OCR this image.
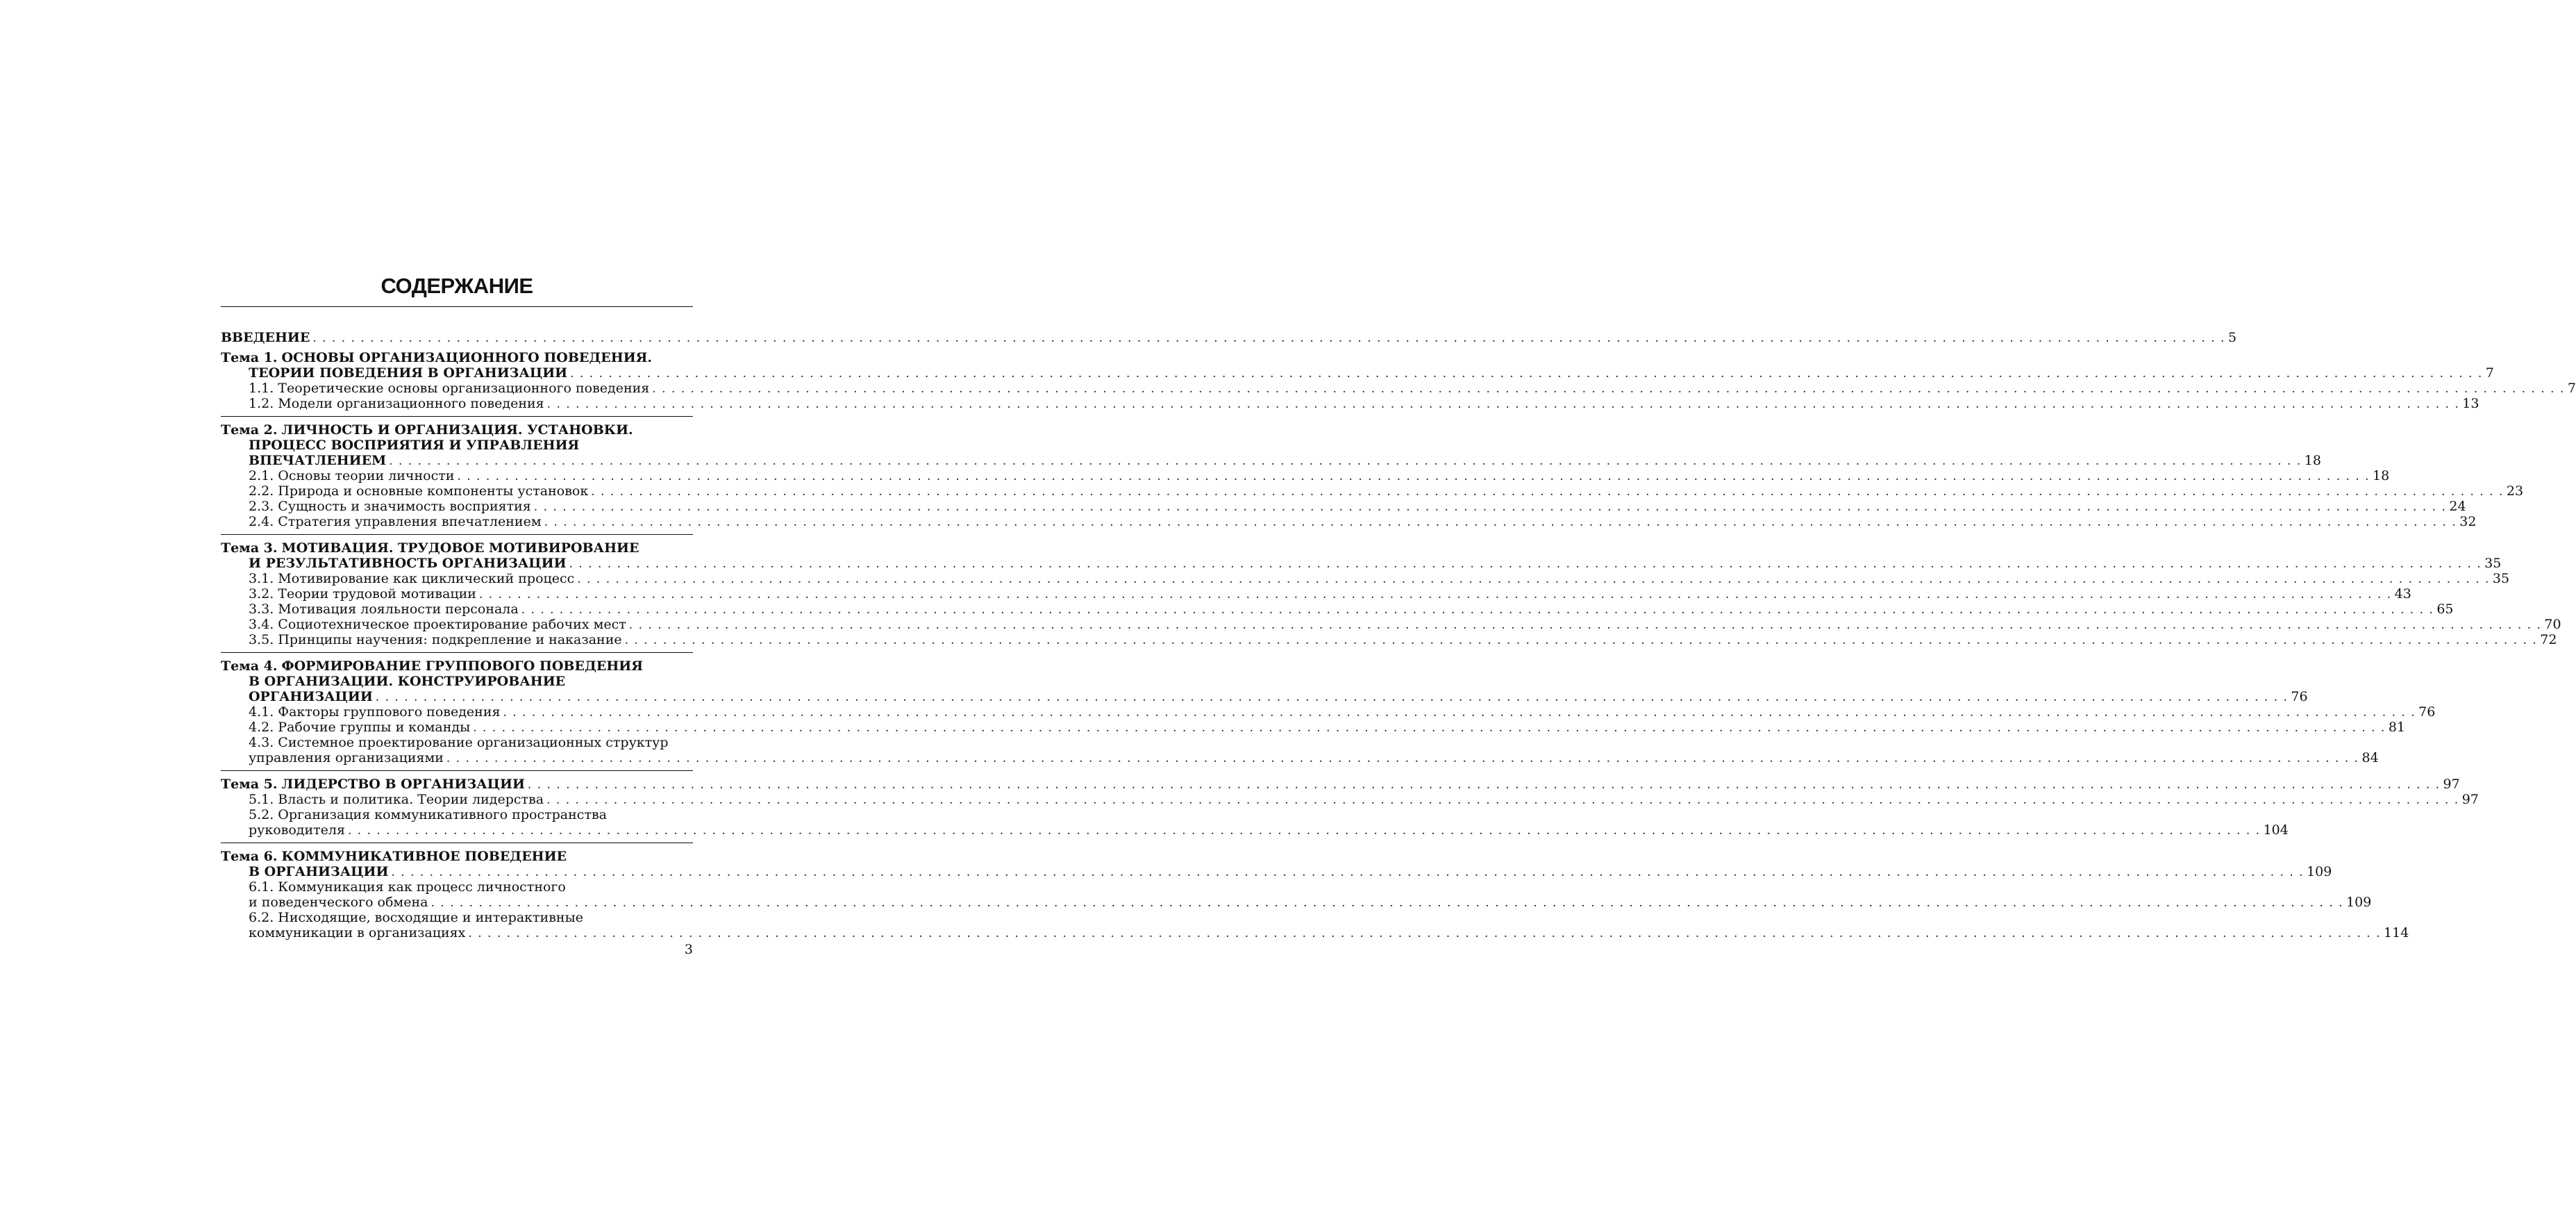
СОДЕРЖАНИЕ
ВВЕДЕНИЕ . . . . . . . . . . . . . . . . . . . . . . . . . . . . . . . . . . . . . . . . . . . . . . . . . . . . . . . . . . . . . . . . . . . . . . . . . . . . . . . . . . . . . . . . . . . . . . . . . . . . . . . . . . . . . . . . . . . . . . . . . . . . . . . . . . . . . . . . . . . . . . . . . . . . . . . . . . . . . . . . . . . . . . . . . . . . . . . . . . . . . . . . . . . . . . . . . . . . . . . . 5
Тема 1.
ОСНОВЫ ОРГАНИЗАЦИОННОГО ПОВЕДЕНИЯ.
ТЕОРИИ ПОВЕДЕНИЯ В ОРГАНИЗАЦИИ . . . . . . . . . . . . . . . . . . . . . . . . . . . . . . . . . . . . . . . . . . . . . . . . . . . . . . . . . . . . . . . . . . . . . . . . . . . . . . . . . . . . . . . . . . . . . . . . . . . . . . . . . . . . . . . . . . . . . . . . . . . . . . . . . . . . . . . . . . . . . . . . . . . . . . . . . . . . . . . . . . . . . . . . . . . . . . . . . . . . . . . . . . . . . . . . . . . . . . . . 7
1.1. Теоретические основы организационного поведения . . . . . . . . . . . . . . . . . . . . . . . . . . . . . . . . . . . . . . . . . . . . . . . . . . . . . . . . . . . . . . . . . . . . . . . . . . . . . . . . . . . . . . . . . . . . . . . . . . . . . . . . . . . . . . . . . . . . . . . . . . . . . . . . . . . . . . . . . . . . . . . . . . . . . . . . . . . . . . . . . . . . . . . . . . . . . . . . . . . . . . . . . . . . . . . . . . . . . . . . 7
1.2. Модели организационного поведения . . . . . . . . . . . . . . . . . . . . . . . . . . . . . . . . . . . . . . . . . . . . . . . . . . . . . . . . . . . . . . . . . . . . . . . . . . . . . . . . . . . . . . . . . . . . . . . . . . . . . . . . . . . . . . . . . . . . . . . . . . . . . . . . . . . . . . . . . . . . . . . . . . . . . . . . . . . . . . . . . . . . . . . . . . . . . . . . . . . . . . . . . . . . . . . . . . . . . . . . 13
Тема 2.
ЛИЧНОСТЬ И ОРГАНИЗАЦИЯ. УСТАНОВКИ.
ПРОЦЕСС ВОСПРИЯТИЯ И УПРАВЛЕНИЯ
ВПЕЧАТЛЕНИЕМ . . . . . . . . . . . . . . . . . . . . . . . . . . . . . . . . . . . . . . . . . . . . . . . . . . . . . . . . . . . . . . . . . . . . . . . . . . . . . . . . . . . . . . . . . . . . . . . . . . . . . . . . . . . . . . . . . . . . . . . . . . . . . . . . . . . . . . . . . . . . . . . . . . . . . . . . . . . . . . . . . . . . . . . . . . . . . . . . . . . . . . . . . . . . . . . . . . . . . . . . 18
2.1. Основы теории личности . . . . . . . . . . . . . . . . . . . . . . . . . . . . . . . . . . . . . . . . . . . . . . . . . . . . . . . . . . . . . . . . . . . . . . . . . . . . . . . . . . . . . . . . . . . . . . . . . . . . . . . . . . . . . . . . . . . . . . . . . . . . . . . . . . . . . . . . . . . . . . . . . . . . . . . . . . . . . . . . . . . . . . . . . . . . . . . . . . . . . . . . . . . . . . . . . . . . . . . . 18
2.2. Природа и основные компоненты установок . . . . . . . . . . . . . . . . . . . . . . . . . . . . . . . . . . . . . . . . . . . . . . . . . . . . . . . . . . . . . . . . . . . . . . . . . . . . . . . . . . . . . . . . . . . . . . . . . . . . . . . . . . . . . . . . . . . . . . . . . . . . . . . . . . . . . . . . . . . . . . . . . . . . . . . . . . . . . . . . . . . . . . . . . . . . . . . . . . . . . . . . . . . . . . . . . . . . . . . . 23
2.3. Сущность и значимость восприятия . . . . . . . . . . . . . . . . . . . . . . . . . . . . . . . . . . . . . . . . . . . . . . . . . . . . . . . . . . . . . . . . . . . . . . . . . . . . . . . . . . . . . . . . . . . . . . . . . . . . . . . . . . . . . . . . . . . . . . . . . . . . . . . . . . . . . . . . . . . . . . . . . . . . . . . . . . . . . . . . . . . . . . . . . . . . . . . . . . . . . . . . . . . . . . . . . . . . . . . . 24
2.4. Стратегия управления впечатлением . . . . . . . . . . . . . . . . . . . . . . . . . . . . . . . . . . . . . . . . . . . . . . . . . . . . . . . . . . . . . . . . . . . . . . . . . . . . . . . . . . . . . . . . . . . . . . . . . . . . . . . . . . . . . . . . . . . . . . . . . . . . . . . . . . . . . . . . . . . . . . . . . . . . . . . . . . . . . . . . . . . . . . . . . . . . . . . . . . . . . . . . . . . . . . . . . . . . . . . . 32
Тема 3.
МОТИВАЦИЯ. ТРУДОВОЕ МОТИВИРОВАНИЕ
И РЕЗУЛЬТАТИВНОСТЬ ОРГАНИЗАЦИИ . . . . . . . . . . . . . . . . . . . . . . . . . . . . . . . . . . . . . . . . . . . . . . . . . . . . . . . . . . . . . . . . . . . . . . . . . . . . . . . . . . . . . . . . . . . . . . . . . . . . . . . . . . . . . . . . . . . . . . . . . . . . . . . . . . . . . . . . . . . . . . . . . . . . . . . . . . . . . . . . . . . . . . . . . . . . . . . . . . . . . . . . . . . . . . . . . . . . . . . . 35
3.1. Мотивирование как циклический процесс . . . . . . . . . . . . . . . . . . . . . . . . . . . . . . . . . . . . . . . . . . . . . . . . . . . . . . . . . . . . . . . . . . . . . . . . . . . . . . . . . . . . . . . . . . . . . . . . . . . . . . . . . . . . . . . . . . . . . . . . . . . . . . . . . . . . . . . . . . . . . . . . . . . . . . . . . . . . . . . . . . . . . . . . . . . . . . . . . . . . . . . . . . . . . . . . . . . . . . . . 35
3.2. Теории трудовой мотивации . . . . . . . . . . . . . . . . . . . . . . . . . . . . . . . . . . . . . . . . . . . . . . . . . . . . . . . . . . . . . . . . . . . . . . . . . . . . . . . . . . . . . . . . . . . . . . . . . . . . . . . . . . . . . . . . . . . . . . . . . . . . . . . . . . . . . . . . . . . . . . . . . . . . . . . . . . . . . . . . . . . . . . . . . . . . . . . . . . . . . . . . . . . . . . . . . . . . . . . . 43
3.3. Мотивация лояльности персонала . . . . . . . . . . . . . . . . . . . . . . . . . . . . . . . . . . . . . . . . . . . . . . . . . . . . . . . . . . . . . . . . . . . . . . . . . . . . . . . . . . . . . . . . . . . . . . . . . . . . . . . . . . . . . . . . . . . . . . . . . . . . . . . . . . . . . . . . . . . . . . . . . . . . . . . . . . . . . . . . . . . . . . . . . . . . . . . . . . . . . . . . . . . . . . . . . . . . . . . . 65
3.4. Социотехническое проектирование рабочих мест . . . . . . . . . . . . . . . . . . . . . . . . . . . . . . . . . . . . . . . . . . . . . . . . . . . . . . . . . . . . . . . . . . . . . . . . . . . . . . . . . . . . . . . . . . . . . . . . . . . . . . . . . . . . . . . . . . . . . . . . . . . . . . . . . . . . . . . . . . . . . . . . . . . . . . . . . . . . . . . . . . . . . . . . . . . . . . . . . . . . . . . . . . . . . . . . . . . . . . . . 70
3.5. Принципы научения: подкрепление и наказание . . . . . . . . . . . . . . . . . . . . . . . . . . . . . . . . . . . . . . . . . . . . . . . . . . . . . . . . . . . . . . . . . . . . . . . . . . . . . . . . . . . . . . . . . . . . . . . . . . . . . . . . . . . . . . . . . . . . . . . . . . . . . . . . . . . . . . . . . . . . . . . . . . . . . . . . . . . . . . . . . . . . . . . . . . . . . . . . . . . . . . . . . . . . . . . . . . . . . . . . 72
Тема 4.
ФОРМИРОВАНИЕ ГРУППОВОГО ПОВЕДЕНИЯ
В ОРГАНИЗАЦИИ. КОНСТРУИРОВАНИЕ
ОРГАНИЗАЦИИ . . . . . . . . . . . . . . . . . . . . . . . . . . . . . . . . . . . . . . . . . . . . . . . . . . . . . . . . . . . . . . . . . . . . . . . . . . . . . . . . . . . . . . . . . . . . . . . . . . . . . . . . . . . . . . . . . . . . . . . . . . . . . . . . . . . . . . . . . . . . . . . . . . . . . . . . . . . . . . . . . . . . . . . . . . . . . . . . . . . . . . . . . . . . . . . . . . . . . . . . 76
4.1. Факторы группового поведения . . . . . . . . . . . . . . . . . . . . . . . . . . . . . . . . . . . . . . . . . . . . . . . . . . . . . . . . . . . . . . . . . . . . . . . . . . . . . . . . . . . . . . . . . . . . . . . . . . . . . . . . . . . . . . . . . . . . . . . . . . . . . . . . . . . . . . . . . . . . . . . . . . . . . . . . . . . . . . . . . . . . . . . . . . . . . . . . . . . . . . . . . . . . . . . . . . . . . . . . 76
4.2. Рабочие группы и команды . . . . . . . . . . . . . . . . . . . . . . . . . . . . . . . . . . . . . . . . . . . . . . . . . . . . . . . . . . . . . . . . . . . . . . . . . . . . . . . . . . . . . . . . . . . . . . . . . . . . . . . . . . . . . . . . . . . . . . . . . . . . . . . . . . . . . . . . . . . . . . . . . . . . . . . . . . . . . . . . . . . . . . . . . . . . . . . . . . . . . . . . . . . . . . . . . . . . . . . . 81
4.3. Системное проектирование организационных структур
управления организациями . . . . . . . . . . . . . . . . . . . . . . . . . . . . . . . . . . . . . . . . . . . . . . . . . . . . . . . . . . . . . . . . . . . . . . . . . . . . . . . . . . . . . . . . . . . . . . . . . . . . . . . . . . . . . . . . . . . . . . . . . . . . . . . . . . . . . . . . . . . . . . . . . . . . . . . . . . . . . . . . . . . . . . . . . . . . . . . . . . . . . . . . . . . . . . . . . . . . . . . . 84
Тема 5.
ЛИДЕРСТВО В ОРГАНИЗАЦИИ . . . . . . . . . . . . . . . . . . . . . . . . . . . . . . . . . . . . . . . . . . . . . . . . . . . . . . . . . . . . . . . . . . . . . . . . . . . . . . . . . . . . . . . . . . . . . . . . . . . . . . . . . . . . . . . . . . . . . . . . . . . . . . . . . . . . . . . . . . . . . . . . . . . . . . . . . . . . . . . . . . . . . . . . . . . . . . . . . . . . . . . . . . . . . . . . . . . . . . . . 97
5.1. Власть и политика. Теории лидерства . . . . . . . . . . . . . . . . . . . . . . . . . . . . . . . . . . . . . . . . . . . . . . . . . . . . . . . . . . . . . . . . . . . . . . . . . . . . . . . . . . . . . . . . . . . . . . . . . . . . . . . . . . . . . . . . . . . . . . . . . . . . . . . . . . . . . . . . . . . . . . . . . . . . . . . . . . . . . . . . . . . . . . . . . . . . . . . . . . . . . . . . . . . . . . . . . . . . . . . . 97
5.2. Организация коммуникативного пространства
руководителя . . . . . . . . . . . . . . . . . . . . . . . . . . . . . . . . . . . . . . . . . . . . . . . . . . . . . . . . . . . . . . . . . . . . . . . . . . . . . . . . . . . . . . . . . . . . . . . . . . . . . . . . . . . . . . . . . . . . . . . . . . . . . . . . . . . . . . . . . . . . . . . . . . . . . . . . . . . . . . . . . . . . . . . . . . . . . . . . . . . . . . . . . . . . . . . . . . . . . . . . 104
Тема 6.
КОММУНИКАТИВНОЕ ПОВЕДЕНИЕ
В ОРГАНИЗАЦИИ . . . . . . . . . . . . . . . . . . . . . . . . . . . . . . . . . . . . . . . . . . . . . . . . . . . . . . . . . . . . . . . . . . . . . . . . . . . . . . . . . . . . . . . . . . . . . . . . . . . . . . . . . . . . . . . . . . . . . . . . . . . . . . . . . . . . . . . . . . . . . . . . . . . . . . . . . . . . . . . . . . . . . . . . . . . . . . . . . . . . . . . . . . . . . . . . . . . . . . . . 109
6.1. Коммуникация как процесс личностного
и поведенческого обмена . . . . . . . . . . . . . . . . . . . . . . . . . . . . . . . . . . . . . . . . . . . . . . . . . . . . . . . . . . . . . . . . . . . . . . . . . . . . . . . . . . . . . . . . . . . . . . . . . . . . . . . . . . . . . . . . . . . . . . . . . . . . . . . . . . . . . . . . . . . . . . . . . . . . . . . . . . . . . . . . . . . . . . . . . . . . . . . . . . . . . . . . . . . . . . . . . . . . . . . . 109
6.2. Нисходящие, восходящие и интерактивные
коммуникации в организациях . . . . . . . . . . . . . . . . . . . . . . . . . . . . . . . . . . . . . . . . . . . . . . . . . . . . . . . . . . . . . . . . . . . . . . . . . . . . . . . . . . . . . . . . . . . . . . . . . . . . . . . . . . . . . . . . . . . . . . . . . . . . . . . . . . . . . . . . . . . . . . . . . . . . . . . . . . . . . . . . . . . . . . . . . . . . . . . . . . . . . . . . . . . . . . . . . . . . . . . . 114
3
